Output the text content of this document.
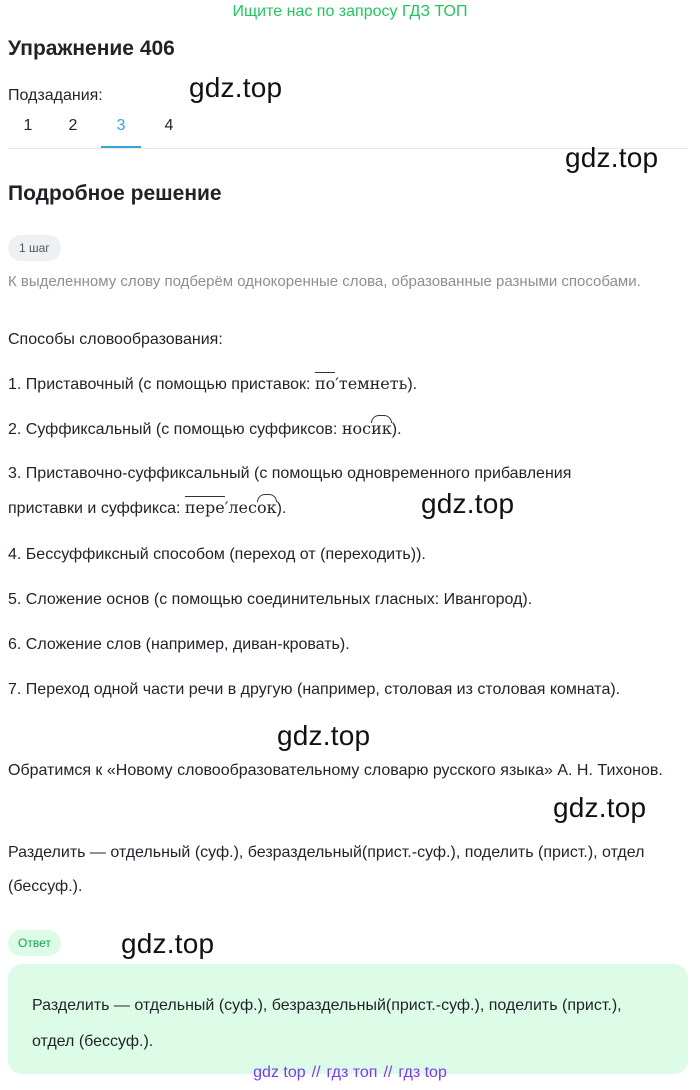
Ищите нас по запросу ГДЗ ТОП
Упражнение 406
Подзадания:
1	2	3	4
Подробное решение
1 шаг
К выделенному слову подберём однокоренные слова, образованные разными способами.
Способы словообразования:
1. Приставочный (с помощью приставок: по′темнеть).
2. Суффиксальный (с помощью суффиксов: носик).
3. Приставочно-суффиксальный (с помощью одновременного прибавления
приставки и суффикса: пере′лесок).
4. Бессуффиксный способом (переход от (переходить)).
5. Сложение основ (с помощью соединительных гласных: Ивангород).
6. Сложение слов (например, диван-кровать).
7. Переход одной части речи в другую (например, столовая из столовая комната).
Обратимся к «Новому словообразовательному словарю русского языка» А. Н. Тихонов.
Разделить — отдельный (суф.), безраздельный(прист.-суф.), поделить (прист.), отдел (бессуф.).
Ответ
Разделить — отдельный (суф.), безраздельный(прист.-суф.), поделить (прист.), отдел (бессуф.).
gdz.top
gdz.top
gdz.top
gdz.top
gdz.top
gdz.top
gdz top // гдз топ // гдз top
